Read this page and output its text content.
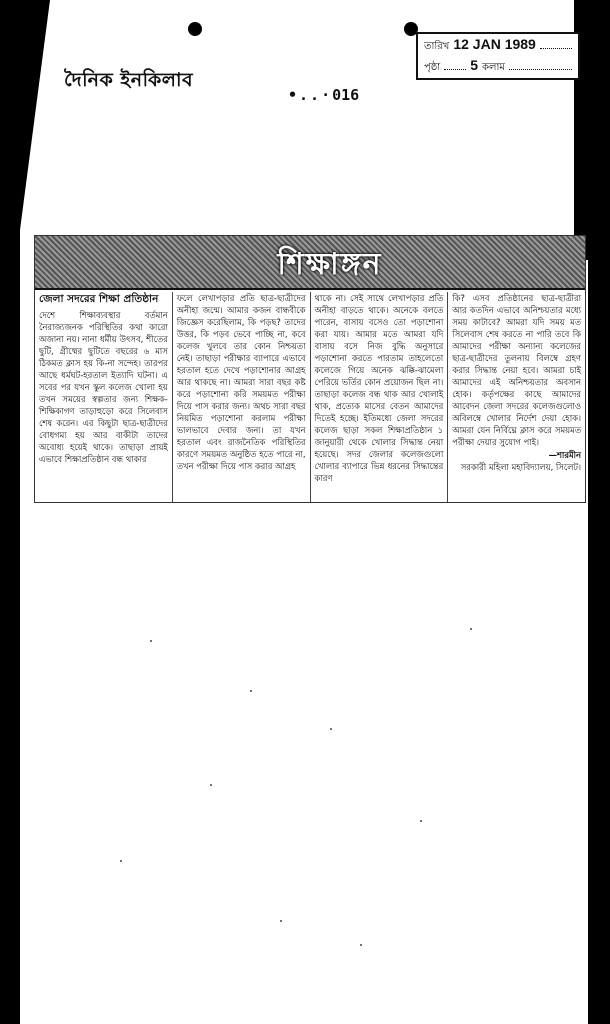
দৈনিক ইনকিলাব
•..·016
তারিখ 12 JAN 1989
পৃষ্ঠা 5 কলাম
শিক্ষাঙ্গন
জেলা সদরের শিক্ষা প্রতিষ্ঠান

দেশে শিক্ষাব্যবস্থার বর্তমান নৈরাজ্যজনক পরিস্থিতির কথা কারো অজানা নয়। নানা ধর্মীয় উৎসব, শীতের ছুটি, গ্রীষ্মের ছুটিতে বছরের ৬ মাস ঠিকমত ক্লাস হয় কি-না সন্দেহ। তারপর আছে ধর্মঘট-হরতাল ইত্যাদি ঘটনা। এ সবের পর যখন স্কুল কলেজ খোলা হয় তখন সময়ের স্বল্পতার জন্য শিক্ষক-শিক্ষিকাগণ তাড়াহুড়ো করে সিলেবাস শেষ করেন। এর কিছুটা ছাত্র-ছাত্রীদের বোধগম্য হয় আর বাকীটা তাদের অবোধ্য হয়েই থাকে। তাছাড়া প্রায়ই এভাবে শিক্ষাপ্রতিষ্ঠান বন্ধ থাকার

ফলে লেখাপড়ার প্রতি ছাত্র-ছাত্রীদের অনীহা জন্মে। আমার কজন বান্ধবীকে জিজ্ঞেস করেছিলাম, কি পড়ছ? তাদের উত্তর, কি পড়ব ভেবে পাচ্ছি না, কবে কলেজ খুলবে তার কোন নিশ্চয়তা নেই। তাছাড়া পরীক্ষার ব্যাপারে এভাবে হরতাল হতে দেখে পড়াশোনার আগ্রহ আর থাকছে না। আমরা সারা বছর কষ্ট করে পড়াশোনা করি সময়মত পরীক্ষা দিয়ে পাস করার জন্য। অথচ সারা বছর নিয়মিত পড়াশোনা করলাম পরীক্ষা ভালভাবে দেবার জন্য। তা যখন হরতাল এবং রাজনৈতিক পরিস্থিতির কারণে সময়মত অনুষ্ঠিত হতে পারে না, তখন পরীক্ষা দিয়ে পাস করার আগ্রহ

থাকে না। সেই সাথে লেখাপড়ার প্রতি অনীহা বাড়তে থাকে। অনেকে বলতে পারেন, বাসায় বসেও তো পড়াশোনা করা যায়। আমার মতে আমরা যদি বাসায় বসে নিজ বুদ্ধি অনুসারে পড়াশোনা করতে পারতাম তাহলেতো কলেজে গিয়ে অনেক ঝক্কি-ঝামেলা পেরিয়ে ভর্তির কোন প্রয়োজন ছিল না। তাছাড়া কলেজ বন্ধ থাক আর খোলাই থাক, প্রত্যেক মাসের বেতন আমাদের দিতেই হচ্ছে। ইতিমধ্যে জেলা সদরের কলেজ ছাড়া সকল শিক্ষাপ্রতিষ্ঠান ১ জানুয়ারী থেকে খোলার সিদ্ধান্ত নেয়া হয়েছে। সদর জেলার কলেজগুলো খোলার ব্যাপারে ভিন্ন ধরনের সিদ্ধান্তের কারণ

কি? এসব প্রতিষ্ঠানের ছাত্র-ছাত্রীরা আর কতদিন এভাবে অনিশ্চয়তার মধ্যে সময় কাটাবে? আমরা যদি সময় মত সিলেবাস শেষ করতে না পারি তবে কি আমাদের পরীক্ষা অন্যান্য কলেজের ছাত্র-ছাত্রীদের তুলনায় বিলম্বে গ্রহণ করার সিদ্ধান্ত নেয়া হবে। আমরা চাই আমাদের এই অনিশ্চয়তার অবসান হোক। কর্তৃপক্ষের কাছে আমাদের আবেদন জেলা সদরের কলেজগুলোও অবিলম্বে খোলার নির্দেশ দেয়া হোক। আমরা যেন নির্বিঘ্নে ক্লাস করে সময়মত পরীক্ষা দেয়ার সুযোগ পাই।

—শারমীন

সরকারী মহিলা মহাবিদ্যালয়, সিলেট।
